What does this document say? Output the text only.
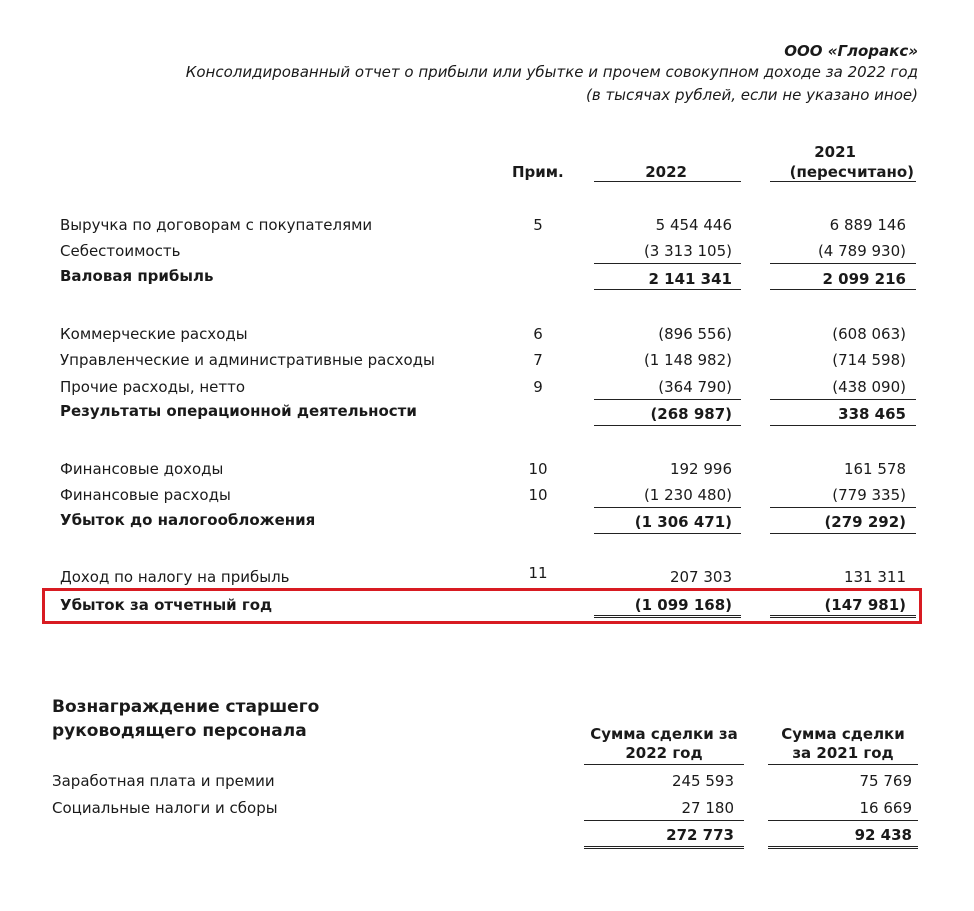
ООО «Глоракс»
Консолидированный отчет о прибыли или убытке и прочем совокупном доходе за 2022 год
(в тысячах рублей, если не указано иное)
Прим.	2022
2021
(пересчитано)
Выручка по договорам с покупателями	5	5 454 446	6 889 146
Себестоимость	(3 313 105)	(4 789 930)
Валовая прибыль	2 141 341	2 099 216
Коммерческие расходы	6	(896 556)	(608 063)
Управленческие и административные расходы	7	(1 148 982)	(714 598)
Прочие расходы, нетто	9	(364 790)	(438 090)
Результаты операционной деятельности	(268 987)	338 465
Финансовые доходы	10	192 996	161 578
Финансовые расходы	10	(1 230 480)	(779 335)
Убыток до налогообложения	(1 306 471)	(279 292)
Доход по налогу на прибыль	11	207 303	131 311
Убыток за отчетный год	(1 099 168)	(147 981)
Вознаграждение старшего
руководящего персонала	Сумма сделки за
2022 год
Сумма сделки
за 2021 год
Заработная плата и премии	245 593	75 769
Социальные налоги и сборы	27 180	16 669
272 773	92 438
